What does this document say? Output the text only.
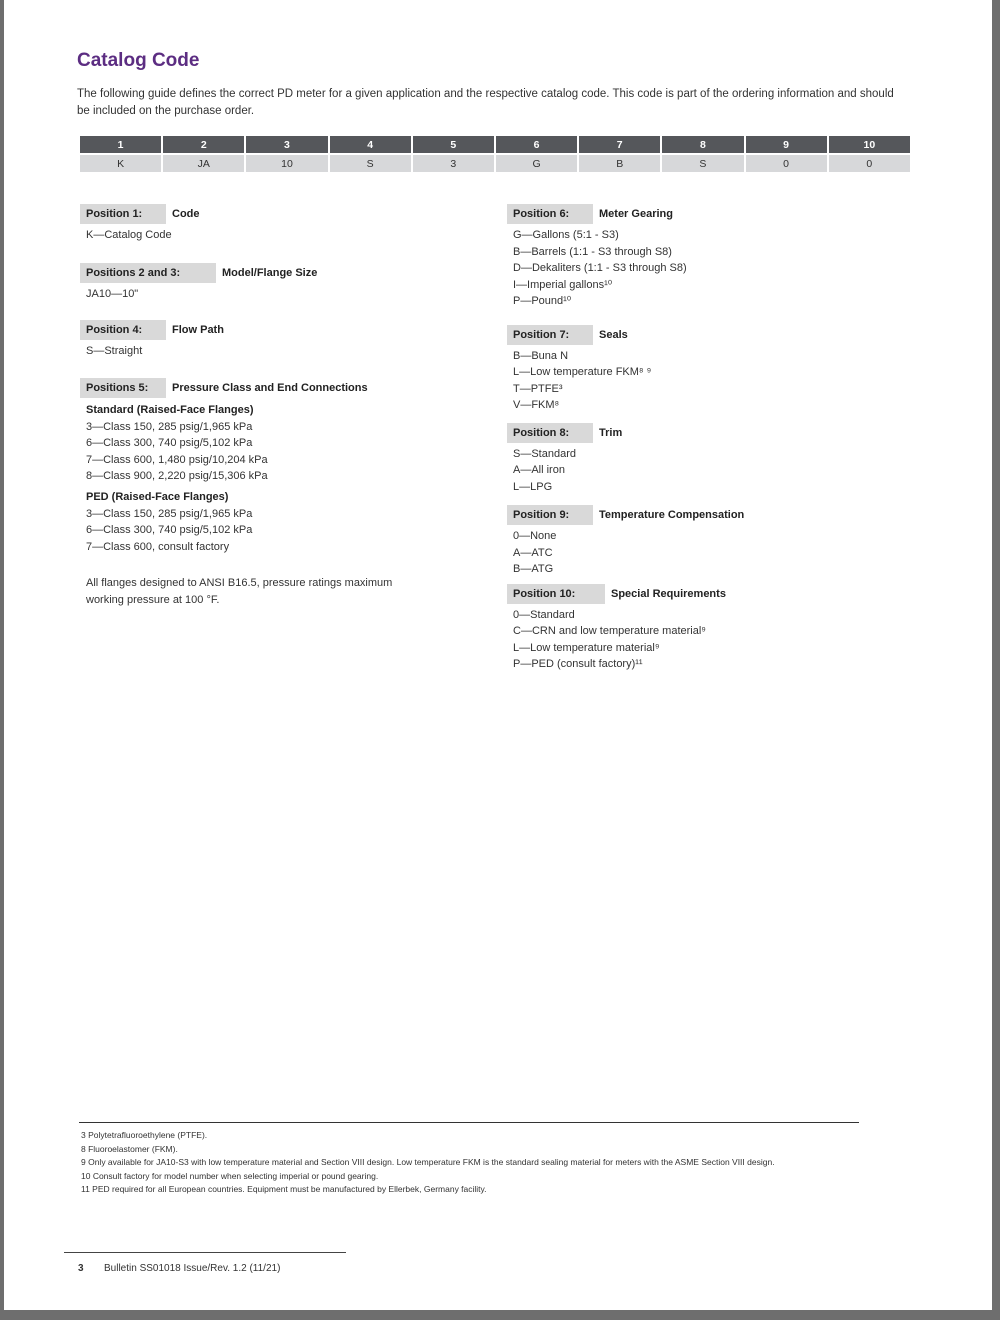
Catalog Code

The following guide defines the correct PD meter for a given application and the respective catalog code. This code is part of the ordering information and should be included on the purchase order.

1	2	3	4	5	6	7	8	9	10
K	JA	10	S	3	G	B	S	0	0
Position 1:	Code
K—Catalog Code
Positions 2 and 3:	Model/Flange Size
JA10—10"
Position 4:	Flow Path
S—Straight
Positions 5:	Pressure Class and End Connections
Standard (Raised-Face Flanges)
3—Class 150, 285 psig/1,965 kPa
6—Class 300, 740 psig/5,102 kPa
7—Class 600, 1,480 psig/10,204 kPa
8—Class 900, 2,220 psig/15,306 kPa
PED (Raised-Face Flanges)
3—Class 150, 285 psig/1,965 kPa
6—Class 300, 740 psig/5,102 kPa
7—Class 600, consult factory
All flanges designed to ANSI B16.5, pressure ratings maximum working pressure at 100 °F.
Position 6:	Meter Gearing
G—Gallons (5:1 - S3)
B—Barrels (1:1 - S3 through S8)
D—Dekaliters (1:1 - S3 through S8)
I—Imperial gallons¹⁰
P—Pound¹⁰
Position 7:	Seals
B—Buna N
L—Low temperature FKM⁸ ⁹
T—PTFE³
V—FKM⁸
Position 8:	Trim
S—Standard
A—All iron
L—LPG
Position 9:	Temperature Compensation
0—None
A—ATC
B—ATG
Position 10:	Special Requirements
0—Standard
C—CRN and low temperature material⁹
L—Low temperature material⁹
P—PED (consult factory)¹¹
3 Polytetrafluoroethylene (PTFE).
8 Fluoroelastomer (FKM).
9 Only available for JA10-S3 with low temperature material and Section VIII design. Low temperature FKM is the standard sealing material for meters with the ASME Section VIII design.
10 Consult factory for model number when selecting imperial or pound gearing.
11 PED required for all European countries. Equipment must be manufactured by Ellerbek, Germany facility.
3 Bulletin SS01018 Issue/Rev. 1.2 (11/21)
